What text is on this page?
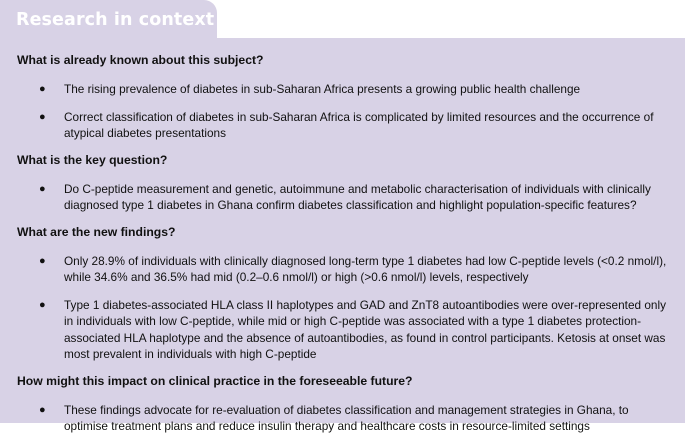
Research in context
What is already known about this subject?
● The rising prevalence of diabetes in sub-Saharan Africa presents a growing public health challenge
● Correct classification of diabetes in sub-Saharan Africa is complicated by limited resources and the occurrence of atypical diabetes presentations
What is the key question?
● Do C-peptide measurement and genetic, autoimmune and metabolic characterisation of individuals with clinically diagnosed type 1 diabetes in Ghana confirm diabetes classification and highlight population-specific features?
What are the new findings?
● Only 28.9% of individuals with clinically diagnosed long-term type 1 diabetes had low C-peptide levels (<0.2 nmol/l), while 34.6% and 36.5% had mid (0.2–0.6 nmol/l) or high (>0.6 nmol/l) levels, respectively
● Type 1 diabetes-associated HLA class II haplotypes and GAD and ZnT8 autoantibodies were over-represented only in individuals with low C-peptide, while mid or high C-peptide was associated with a type 1 diabetes protection-associated HLA haplotype and the absence of autoantibodies, as found in control participants. Ketosis at onset was most prevalent in individuals with high C-peptide
How might this impact on clinical practice in the foreseeable future?
● These findings advocate for re-evaluation of diabetes classification and management strategies in Ghana, to optimise treatment plans and reduce insulin therapy and healthcare costs in resource-limited settings
